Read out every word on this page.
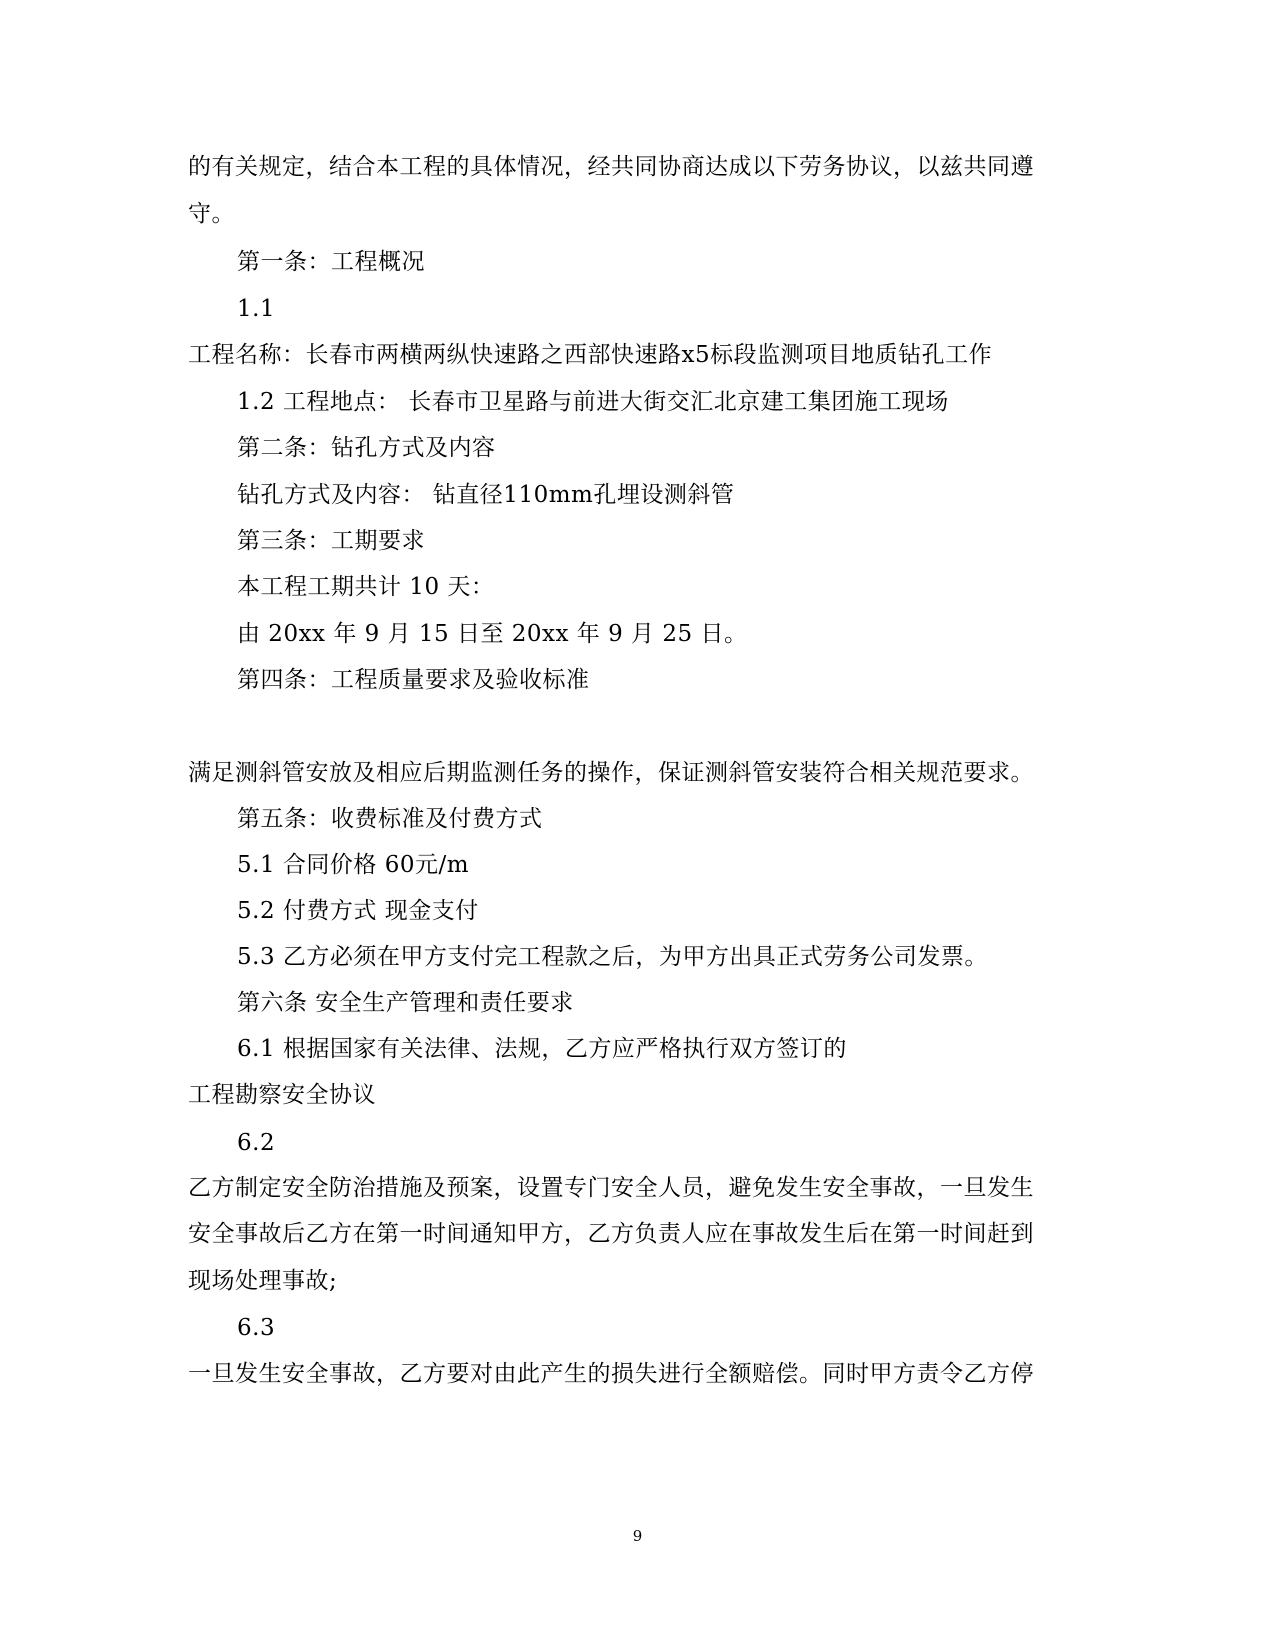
的有关规定，结合本工程的具体情况，经共同协商达成以下劳务协议，以兹共同遵
守。
第一条：工程概况
1.1
工程名称：长春市两横两纵快速路之西部快速路x5标段监测项目地质钻孔工作
1.2 工程地点： 长春市卫星路与前进大街交汇北京建工集团施工现场
第二条：钻孔方式及内容
钻孔方式及内容： 钻直径110mm孔埋设测斜管
第三条：工期要求
本工程工期共计 10 天：
由 20xx 年 9 月 15 日至 20xx 年 9 月 25 日。
第四条：工程质量要求及验收标准
满足测斜管安放及相应后期监测任务的操作，保证测斜管安装符合相关规范要求。
第五条：收费标准及付费方式
5.1 合同价格 60元/m
5.2 付费方式 现金支付
5.3 乙方必须在甲方支付完工程款之后，为甲方出具正式劳务公司发票。
第六条 安全生产管理和责任要求
6.1 根据国家有关法律、法规，乙方应严格执行双方签订的
工程勘察安全协议
6.2
乙方制定安全防治措施及预案，设置专门安全人员，避免发生安全事故，一旦发生
安全事故后乙方在第一时间通知甲方，乙方负责人应在事故发生后在第一时间赶到
现场处理事故;
6.3
一旦发生安全事故，乙方要对由此产生的损失进行全额赔偿。同时甲方责令乙方停
9
